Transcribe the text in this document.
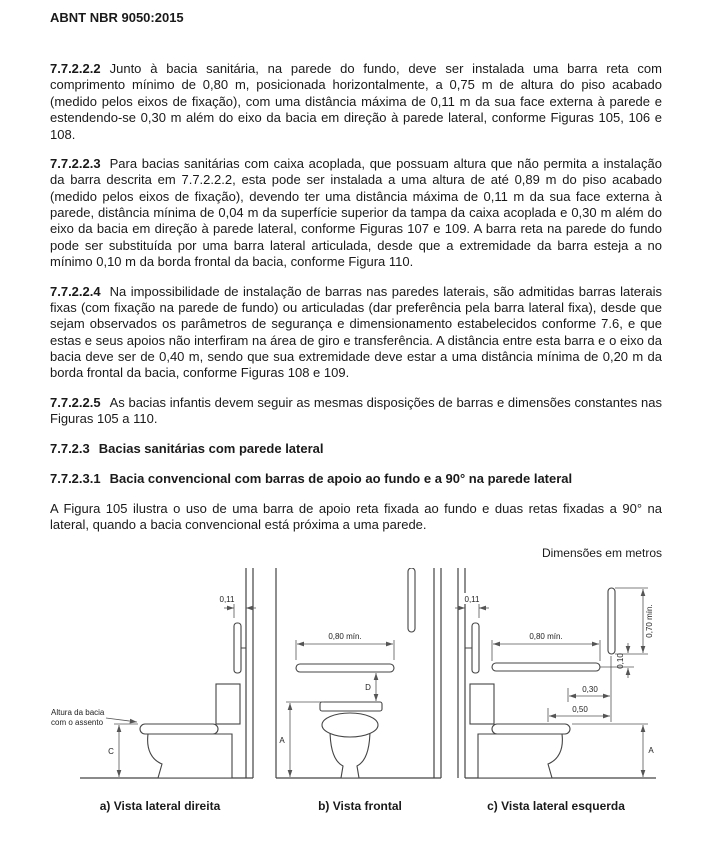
ABNT NBR 9050:2015

7.7.2.2.2 Junto à bacia sanitária, na parede do fundo, deve ser instalada uma barra reta com comprimento mínimo de 0,80 m, posicionada horizontalmente, a 0,75 m de altura do piso acabado (medido pelos eixos de fixação), com uma distância máxima de 0,11 m da sua face externa à parede e estendendo-se 0,30 m além do eixo da bacia em direção à parede lateral, conforme Figuras 105, 106 e 108.

7.7.2.2.3 Para bacias sanitárias com caixa acoplada, que possuam altura que não permita a instalação da barra descrita em 7.7.2.2.2, esta pode ser instalada a uma altura de até 0,89 m do piso acabado (medido pelos eixos de fixação), devendo ter uma distância máxima de 0,11 m da sua face externa à parede, distância mínima de 0,04 m da superfície superior da tampa da caixa acoplada e 0,30 m além do eixo da bacia em direção à parede lateral, conforme Figuras 107 e 109. A barra reta na parede do fundo pode ser substituída por uma barra lateral articulada, desde que a extremidade da barra esteja a no mínimo 0,10 m da borda frontal da bacia, conforme Figura 110.

7.7.2.2.4 Na impossibilidade de instalação de barras nas paredes laterais, são admitidas barras laterais fixas (com fixação na parede de fundo) ou articuladas (dar preferência pela barra lateral fixa), desde que sejam observados os parâmetros de segurança e dimensionamento estabelecidos conforme 7.6, e que estas e seus apoios não interfiram na área de giro e transferência. A distância entre esta barra e o eixo da bacia deve ser de 0,40 m, sendo que sua extremidade deve estar a uma distância mínima de 0,20 m da borda frontal da bacia, conforme Figuras 108 e 109.

7.7.2.2.5 As bacias infantis devem seguir as mesmas disposições de barras e dimensões constantes nas Figuras 105 a 110.

7.7.2.3 Bacias sanitárias com parede lateral
7.7.2.3.1 Bacia convencional com barras de apoio ao fundo e a 90° na parede lateral

A Figura 105 ilustra o uso de uma barra de apoio reta fixada ao fundo e duas retas fixadas a 90° na lateral, quando a bacia convencional está próxima a uma parede.

Dimensões em metros
0,11
C
Altura da bacia
com o assento
a) Vista lateral direita
0,80 mín.
D
A
b) Vista frontal
0,11
0,80 mín.	0,70 mín.
0,10
0,30
0,50
A
c) Vista lateral esquerda
